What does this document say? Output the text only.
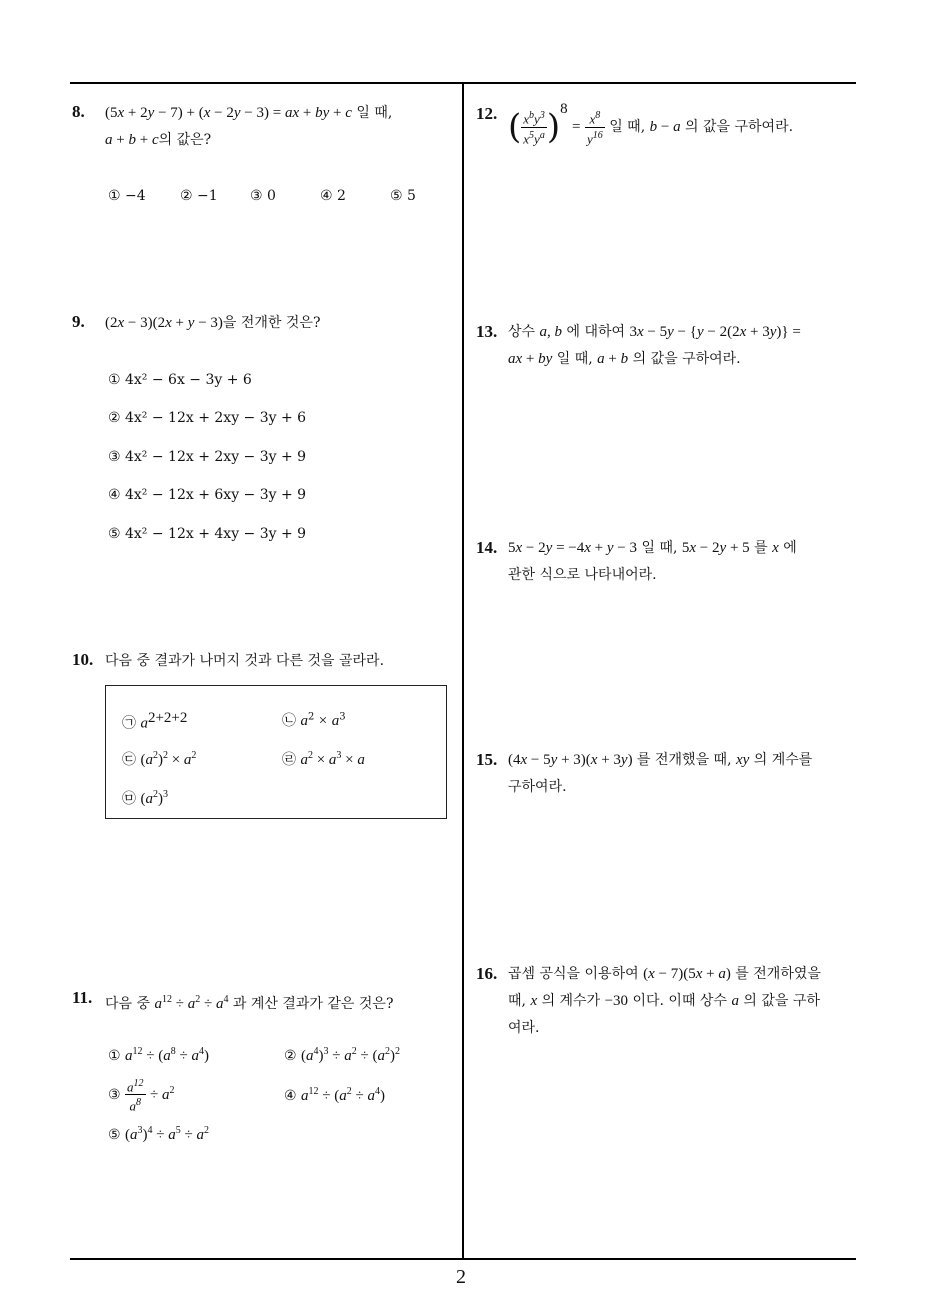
8. (5x + 2y − 7) + (x − 2y − 3) = ax + by + c 일 때,
a + b + c의 값은?
① −4 ② −1 ③ 0	④ 2	⑤ 5
9. (2x − 3)(2x + y − 3)을 전개한 것은?
① 4x² − 6x − 3y + 6
② 4x² − 12x + 2xy − 3y + 6
③ 4x² − 12x + 2xy − 3y + 9
④ 4x² − 12x + 6xy − 3y + 9
⑤ 4x² − 12x + 4xy − 3y + 9
10. 다음 중 결과가 나머지 것과 다른 것을 골라라.
㉠ $a^{2+2+2}$	㉡ $a^2 \times a^3$
㉢ $(a^2)^2 \times a^2$	㉣ $a^2 \times a^3 \times a$
㉤ $(a^2)^3$
11. 다음 중 $a^{12} \div a^2 \div a^4$ 과 계산 결과가 같은 것은?
① $a^{12} \div (a^8 \div a^4)$	② $(a^4)^3 \div a^2 \div (a^2)^2$
③ $\frac{a^{12}}{a^8} \div a^2$	④ $a^{12} \div (a^2 \div a^4)$
⑤ $(a^3)^4 \div a^5 \div a^2$
12. ( $\frac{x^by^3}{x^5y^a} )^8 = \frac{x^8}{y^{16}}$ 일 때, b − a 의 값을 구하여라.
13. 상수 a, b 에 대하여 3x − 5y − {y − 2(2x + 3y)} =
ax + by 일 때, a + b 의 값을 구하여라.
14. 5x − 2y = −4x + y − 3 일 때, 5x − 2y + 5 를 x 에
관한 식으로 나타내어라.
15. (4x − 5y + 3)(x + 3y) 를 전개했을 때, xy 의 계수를
구하여라.
16. 곱셈 공식을 이용하여 (x − 7)(5x + a) 를 전개하였을
때, x 의 계수가 −30 이다. 이때 상수 a 의 값을 구하
여라.
2
